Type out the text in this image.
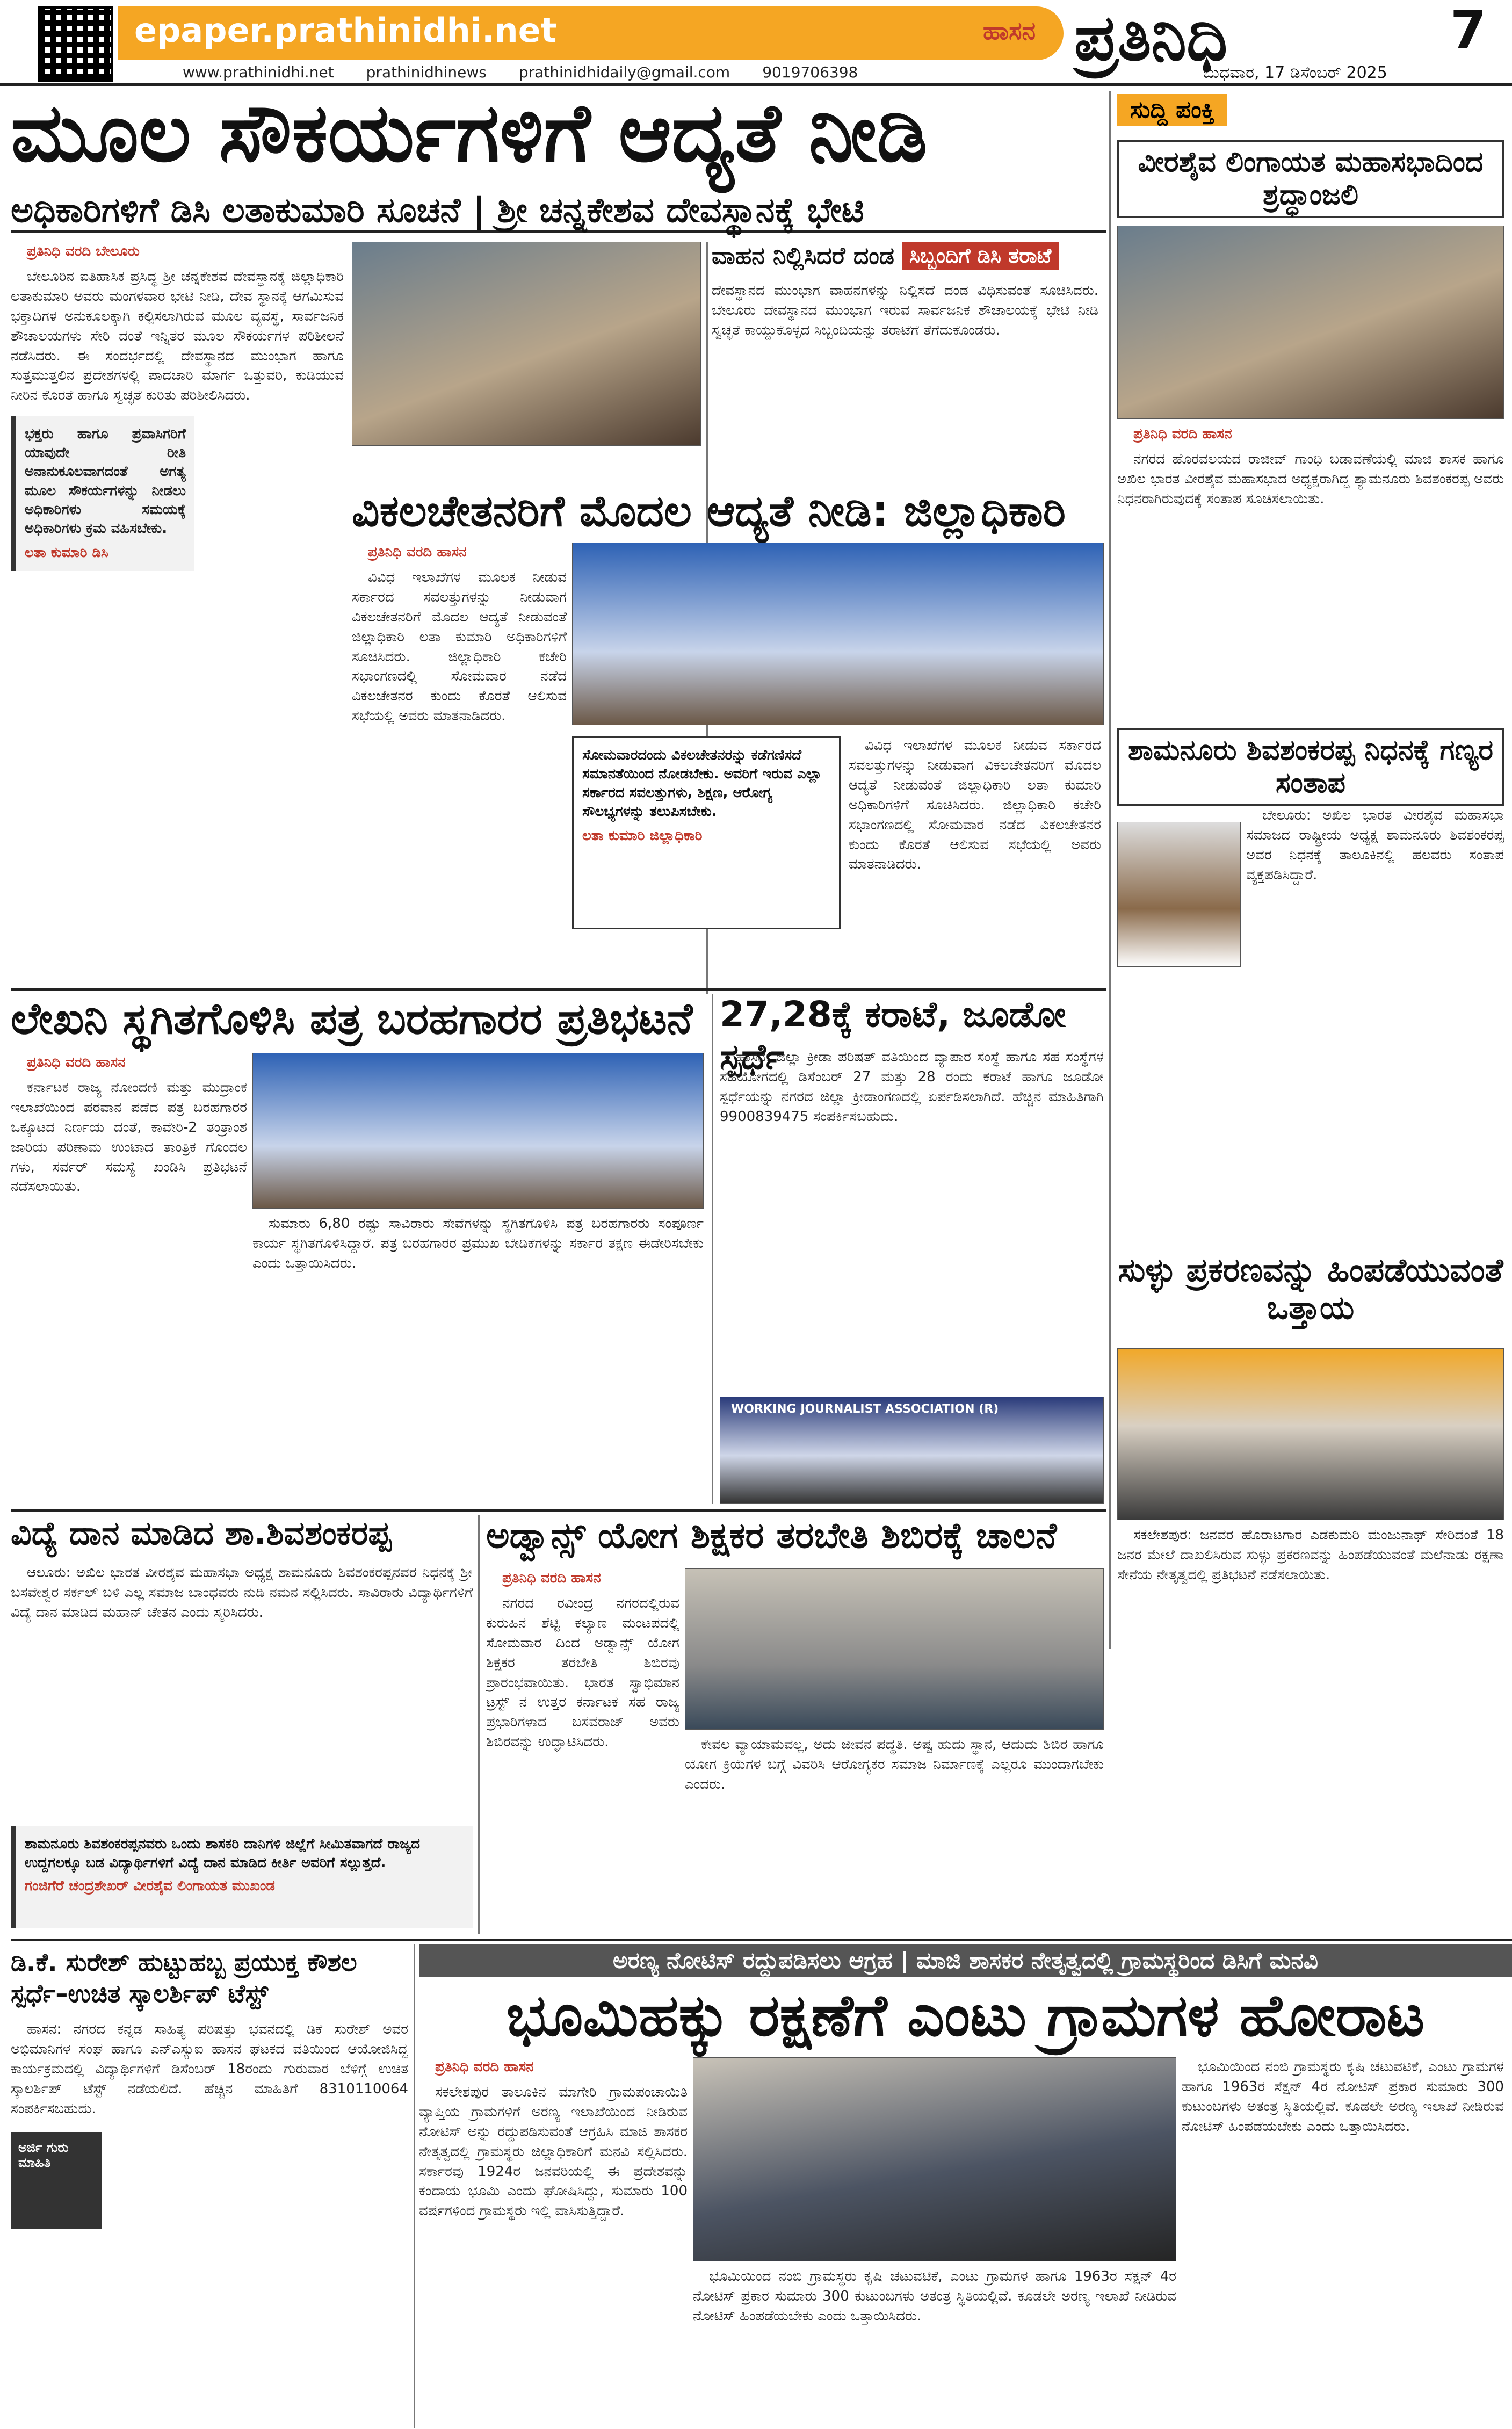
epaper.prathinidhi.net	ಹಾಸನ
www.prathinidhi.net prathinidhinews prathinidhidaily@gmail.com 9019706398	ಪ್ರತಿನಿಧಿ	7
ಬುಧವಾರ, 17 ಡಿಸೆಂಬರ್ 2025
ಮೂಲ ಸೌಕರ್ಯಗಳಿಗೆ ಆದ್ಯತೆ ನೀಡಿ
ಅಧಿಕಾರಿಗಳಿಗೆ ಡಿಸಿ ಲತಾಕುಮಾರಿ ಸೂಚನೆ | ಶ್ರೀ ಚನ್ನಕೇಶವ ದೇವಸ್ಥಾನಕ್ಕೆ ಭೇಟಿ

ಪ್ರತಿನಿಧಿ ವರದಿ ಬೇಲೂರು

ಬೇಲೂರಿನ ಐತಿಹಾಸಿಕ ಪ್ರಸಿದ್ಧ ಶ್ರೀ ಚನ್ನಕೇಶವ ದೇವಸ್ಥಾನಕ್ಕೆ ಜಿಲ್ಲಾಧಿಕಾರಿ ಲತಾಕುಮಾರಿ ಅವರು ಮಂಗಳವಾರ ಭೇಟಿ ನೀಡಿ, ದೇವ ಸ್ಥಾನಕ್ಕೆ ಆಗಮಿಸುವ ಭಕ್ತಾದಿಗಳ ಅನುಕೂಲಕ್ಕಾಗಿ ಕಲ್ಪಿಸಲಾಗಿರುವ ಮೂಲ ವ್ಯವಸ್ಥೆ, ಸಾರ್ವಜನಿಕ ಶೌಚಾಲಯಗಳು ಸೇರಿ ದಂತೆ ಇನ್ನಿತರ ಮೂಲ ಸೌಕರ್ಯಗಳ ಪರಿಶೀಲನೆ ನಡೆಸಿದರು. ಈ ಸಂದರ್ಭದಲ್ಲಿ ದೇವಸ್ಥಾನದ ಮುಂಭಾಗ ಹಾಗೂ ಸುತ್ತಮುತ್ತಲಿನ ಪ್ರದೇಶಗಳಲ್ಲಿ ಪಾದಚಾರಿ ಮಾರ್ಗ ಒತ್ತುವರಿ, ಕುಡಿಯುವ ನೀರಿನ ಕೊರತೆ ಹಾಗೂ ಸ್ವಚ್ಛತೆ ಕುರಿತು ಪರಿಶೀಲಿಸಿದರು.

ಭಕ್ತರು ಹಾಗೂ ಪ್ರವಾಸಿಗರಿಗೆ ಯಾವುದೇ ರೀತಿ ಅನಾನುಕೂಲವಾಗದಂತೆ ಅಗತ್ಯ ಮೂಲ ಸೌಕರ್ಯಗಳನ್ನು ನೀಡಲು ಅಧಿಕಾರಿಗಳು ಸಮಯಕ್ಕೆ ಅಧಿಕಾರಿಗಳು ಕ್ರಮ ವಹಿಸಬೇಕು.
ಲತಾ ಕುಮಾರಿ ಡಿಸಿ
ವಾಹನ ನಿಲ್ಲಿಸಿದರೆ ದಂಡ ಸಿಬ್ಬಂದಿಗೆ ಡಿಸಿ ತರಾಟೆ
ದೇವಸ್ಥಾನದ ಮುಂಭಾಗ ವಾಹನಗಳನ್ನು ನಿಲ್ಲಿಸದೆ ದಂಡ ವಿಧಿಸುವಂತೆ ಸೂಚಿಸಿದರು. ಬೇಲೂರು ದೇವಸ್ಥಾನದ ಮುಂಭಾಗ ಇರುವ ಸಾರ್ವಜನಿಕ ಶೌಚಾಲಯಕ್ಕೆ ಭೇಟಿ ನೀಡಿ ಸ್ವಚ್ಛತೆ ಕಾಯ್ದುಕೊಳ್ಳದ ಸಿಬ್ಬಂದಿಯನ್ನು ತರಾಟೆಗೆ ತೆಗೆದುಕೊಂಡರು.
ವಿಕಲಚೇತನರಿಗೆ ಮೊದಲ ಆದ್ಯತೆ ನೀಡಿ: ಜಿಲ್ಲಾಧಿಕಾರಿ

ಪ್ರತಿನಿಧಿ ವರದಿ ಹಾಸನ

ವಿವಿಧ ಇಲಾಖೆಗಳ ಮೂಲಕ ನೀಡುವ ಸರ್ಕಾರದ ಸವಲತ್ತುಗಳನ್ನು ನೀಡುವಾಗ ವಿಕಲಚೇತನರಿಗೆ ಮೊದಲ ಆದ್ಯತೆ ನೀಡುವಂತೆ ಜಿಲ್ಲಾಧಿಕಾರಿ ಲತಾ ಕುಮಾರಿ ಅಧಿಕಾರಿಗಳಿಗೆ ಸೂಚಿಸಿದರು. ಜಿಲ್ಲಾಧಿಕಾರಿ ಕಚೇರಿ ಸಭಾಂಗಣದಲ್ಲಿ ಸೋಮವಾರ ನಡೆದ ವಿಕಲಚೇತನರ ಕುಂದು ಕೊರತೆ ಆಲಿಸುವ ಸಭೆಯಲ್ಲಿ ಅವರು ಮಾತನಾಡಿದರು.

ಸೋಮವಾರದಂದು ವಿಕಲಚೇತನರನ್ನು ಕಡೆಗಣಿಸದೆ ಸಮಾನತೆಯಿಂದ ನೋಡಬೇಕು. ಅವರಿಗೆ ಇರುವ ಎಲ್ಲಾ ಸರ್ಕಾರದ ಸವಲತ್ತುಗಳು, ಶಿಕ್ಷಣ, ಆರೋಗ್ಯ ಸೌಲಭ್ಯಗಳನ್ನು ತಲುಪಿಸಬೇಕು.
ಲತಾ ಕುಮಾರಿ ಜಿಲ್ಲಾಧಿಕಾರಿ

ವಿವಿಧ ಇಲಾಖೆಗಳ ಮೂಲಕ ನೀಡುವ ಸರ್ಕಾರದ ಸವಲತ್ತುಗಳನ್ನು ನೀಡುವಾಗ ವಿಕಲಚೇತನರಿಗೆ ಮೊದಲ ಆದ್ಯತೆ ನೀಡುವಂತೆ ಜಿಲ್ಲಾಧಿಕಾರಿ ಲತಾ ಕುಮಾರಿ ಅಧಿಕಾರಿಗಳಿಗೆ ಸೂಚಿಸಿದರು. ಜಿಲ್ಲಾಧಿಕಾರಿ ಕಚೇರಿ ಸಭಾಂಗಣದಲ್ಲಿ ಸೋಮವಾರ ನಡೆದ ವಿಕಲಚೇತನರ ಕುಂದು ಕೊರತೆ ಆಲಿಸುವ ಸಭೆಯಲ್ಲಿ ಅವರು ಮಾತನಾಡಿದರು.

ಸುದ್ದಿ ಪಂಕ್ತಿ
ವೀರಶೈವ ಲಿಂಗಾಯತ ಮಹಾಸಭಾದಿಂದ ಶ್ರದ್ಧಾಂಜಲಿ

ಪ್ರತಿನಿಧಿ ವರದಿ ಹಾಸನ

ನಗರದ ಹೊರವಲಯದ ರಾಜೀವ್ ಗಾಂಧಿ ಬಡಾವಣೆಯಲ್ಲಿ ಮಾಜಿ ಶಾಸಕ ಹಾಗೂ ಅಖಿಲ ಭಾರತ ವೀರಶೈವ ಮಹಾಸಭಾದ ಅಧ್ಯಕ್ಷರಾಗಿದ್ದ ಶ್ಯಾಮನೂರು ಶಿವಶಂಕರಪ್ಪ ಅವರು ನಿಧನರಾಗಿರುವುದಕ್ಕೆ ಸಂತಾಪ ಸೂಚಿಸಲಾಯಿತು.

ಶಾಮನೂರು ಶಿವಶಂಕರಪ್ಪ ನಿಧನಕ್ಕೆ ಗಣ್ಯರ ಸಂತಾಪ

ಬೇಲೂರು: ಅಖಿಲ ಭಾರತ ವೀರಶೈವ ಮಹಾಸಭಾ ಸಮಾಜದ ರಾಷ್ಟ್ರೀಯ ಅಧ್ಯಕ್ಷ ಶಾಮನೂರು ಶಿವಶಂಕರಪ್ಪ ಅವರ ನಿಧನಕ್ಕೆ ತಾಲೂಕಿನಲ್ಲಿ ಹಲವರು ಸಂತಾಪ ವ್ಯಕ್ತಪಡಿಸಿದ್ದಾರೆ.

ಸುಳ್ಳು ಪ್ರಕರಣವನ್ನು ಹಿಂಪಡೆಯುವಂತೆ ಒತ್ತಾಯ

ಸಕಲೇಶಪುರ: ಜನವರ ಹೊರಾಟಗಾರ ಎಡಕುಮರಿ ಮಂಜುನಾಥ್ ಸೇರಿದಂತೆ 18 ಜನರ ಮೇಲೆ ದಾಖಲಿಸಿರುವ ಸುಳ್ಳು ಪ್ರಕರಣವನ್ನು ಹಿಂಪಡೆಯುವಂತೆ ಮಲೆನಾಡು ರಕ್ಷಣಾ ಸೇನೆಯ ನೇತೃತ್ವದಲ್ಲಿ ಪ್ರತಿಭಟನೆ ನಡೆಸಲಾಯಿತು.

ಲೇಖನಿ ಸ್ಥಗಿತಗೊಳಿಸಿ ಪತ್ರ ಬರಹಗಾರರ ಪ್ರತಿಭಟನೆ

ಪ್ರತಿನಿಧಿ ವರದಿ ಹಾಸನ

ಕರ್ನಾಟಕ ರಾಜ್ಯ ನೋಂದಣಿ ಮತ್ತು ಮುದ್ರಾಂಕ ಇಲಾಖೆಯಿಂದ ಪರವಾನ ಪಡೆದ ಪತ್ರ ಬರಹಗಾರರ ಒಕ್ಕೂಟದ ನಿರ್ಣಯ ದಂತೆ, ಕಾವೇರಿ-2 ತಂತ್ರಾಂಶ ಜಾರಿಯ ಪರಿಣಾಮ ಉಂಟಾದ ತಾಂತ್ರಿಕ ಗೊಂದಲ ಗಳು, ಸರ್ವರ್ ಸಮಸ್ಯೆ ಖಂಡಿಸಿ ಪ್ರತಿಭಟನೆ ನಡೆಸಲಾಯಿತು.

ಸುಮಾರು 6,80 ರಷ್ಟು ಸಾವಿರಾರು ಸೇವೆಗಳನ್ನು ಸ್ಥಗಿತಗೊಳಿಸಿ ಪತ್ರ ಬರಹಗಾರರು ಸಂಪೂರ್ಣ ಕಾರ್ಯ ಸ್ಥಗಿತಗೊಳಿಸಿದ್ದಾರೆ. ಪತ್ರ ಬರಹಗಾರರ ಪ್ರಮುಖ ಬೇಡಿಕೆಗಳನ್ನು ಸರ್ಕಾರ ತಕ್ಷಣ ಈಡೇರಿಸಬೇಕು ಎಂದು ಒತ್ತಾಯಿಸಿದರು.

27,28ಕ್ಕೆ ಕರಾಟೆ, ಜೂಡೋ ಸ್ಪರ್ಧೆ

ಹಾಸನ: ಜಿಲ್ಲಾ ಕ್ರೀಡಾ ಪರಿಷತ್ ವತಿಯಿಂದ ವ್ಯಾಪಾರ ಸಂಸ್ಥೆ ಹಾಗೂ ಸಹ ಸಂಸ್ಥೆಗಳ ಸಹಯೋಗದಲ್ಲಿ ಡಿಸೆಂಬರ್ 27 ಮತ್ತು 28 ರಂದು ಕರಾಟೆ ಹಾಗೂ ಜೂಡೋ ಸ್ಪರ್ಧೆಯನ್ನು ನಗರದ ಜಿಲ್ಲಾ ಕ್ರೀಡಾಂಗಣದಲ್ಲಿ ಏರ್ಪಡಿಸಲಾಗಿದೆ. ಹೆಚ್ಚಿನ ಮಾಹಿತಿಗಾಗಿ 9900839475 ಸಂಪರ್ಕಿಸಬಹುದು.

WORKING JOURNALIST ASSOCIATION (R)
ವಿದ್ಯೆ ದಾನ ಮಾಡಿದ ಶಾ.ಶಿವಶಂಕರಪ್ಪ

ಆಲೂರು: ಅಖಿಲ ಭಾರತ ವೀರಶೈವ ಮಹಾಸಭಾ ಅಧ್ಯಕ್ಷ ಶಾಮನೂರು ಶಿವಶಂಕರಪ್ಪನವರ ನಿಧನಕ್ಕೆ ಶ್ರೀ ಬಸವೇಶ್ವರ ಸರ್ಕಲ್ ಬಳಿ ಎಲ್ಲ ಸಮಾಜ ಬಾಂಧವರು ನುಡಿ ನಮನ ಸಲ್ಲಿಸಿದರು. ಸಾವಿರಾರು ವಿದ್ಯಾರ್ಥಿಗಳಿಗೆ ವಿದ್ಯೆ ದಾನ ಮಾಡಿದ ಮಹಾನ್ ಚೇತನ ಎಂದು ಸ್ಮರಿಸಿದರು.

ಶಾಮನೂರು ಶಿವಶಂಕರಪ್ಪನವರು ಒಂದು ಶಾಸಕರಿ ದಾನಿಗಳಿ ಜಿಲ್ಲೆಗೆ ಸೀಮಿತವಾಗದೆ ರಾಜ್ಯದ ಉದ್ದಗಲಕ್ಕೂ ಬಡ ವಿದ್ಯಾರ್ಥಿಗಳಿಗೆ ವಿದ್ಯೆ ದಾನ ಮಾಡಿದ ಕೀರ್ತಿ ಅವರಿಗೆ ಸಲ್ಲುತ್ತದೆ.
ಗಂಜಿಗೆರೆ ಚಂದ್ರಶೇಖರ್ ವೀರಶೈವ ಲಿಂಗಾಯತ ಮುಖಂಡ
ಅಡ್ವಾನ್ಸ್ ಯೋಗ ಶಿಕ್ಷಕರ ತರಬೇತಿ ಶಿಬಿರಕ್ಕೆ ಚಾಲನೆ

ಪ್ರತಿನಿಧಿ ವರದಿ ಹಾಸನ

ನಗರದ ರವೀಂದ್ರ ನಗರದಲ್ಲಿರುವ ಕುರುಹಿನ ಶೆಟ್ಟಿ ಕಲ್ಯಾಣ ಮಂಟಪದಲ್ಲಿ ಸೋಮವಾರ ದಿಂದ ಅಡ್ವಾನ್ಸ್ ಯೋಗ ಶಿಕ್ಷಕರ ತರಬೇತಿ ಶಿಬಿರವು ಪ್ರಾರಂಭವಾಯಿತು. ಭಾರತ ಸ್ವಾಭಿಮಾನ ಟ್ರಸ್ಟ್ ನ ಉತ್ತರ ಕರ್ನಾಟಕ ಸಹ ರಾಜ್ಯ ಪ್ರಭಾರಿಗಳಾದ ಬಸವರಾಜ್ ಅವರು ಶಿಬಿರವನ್ನು ಉದ್ಘಾಟಿಸಿದರು.	ಕೇವಲ ವ್ಯಾಯಾಮವಲ್ಲ, ಅದು ಜೀವನ ಪದ್ಧತಿ. ಅಷ್ಟ ಹುದು ಸ್ಥಾನ, ಆದುದು ಶಿಬಿರ ಹಾಗೂ ಯೋಗ ಕ್ರಿಯೆಗಳ ಬಗ್ಗೆ ವಿವರಿಸಿ ಆರೋಗ್ಯಕರ ಸಮಾಜ ನಿರ್ಮಾಣಕ್ಕೆ ಎಲ್ಲರೂ ಮುಂದಾಗಬೇಕು ಎಂದರು.

ಡಿ.ಕೆ. ಸುರೇಶ್ ಹುಟ್ಟುಹಬ್ಬ ಪ್ರಯುಕ್ತ ಕೌಶಲ ಸ್ಪರ್ಧೆ–ಉಚಿತ ಸ್ಕಾಲರ್ಶಿಪ್ ಟೆಸ್ಟ್

ಹಾಸನ: ನಗರದ ಕನ್ನಡ ಸಾಹಿತ್ಯ ಪರಿಷತ್ತು ಭವನದಲ್ಲಿ ಡಿಕೆ ಸುರೇಶ್ ಅವರ ಅಭಿಮಾನಿಗಳ ಸಂಘ ಹಾಗೂ ಎನ್ಎಸ್ಯುಐ ಹಾಸನ ಘಟಕದ ವತಿಯಿಂದ ಆಯೋಜಿಸಿದ್ದ ಕಾರ್ಯಕ್ರಮದಲ್ಲಿ ವಿದ್ಯಾರ್ಥಿಗಳಿಗೆ ಡಿಸೆಂಬರ್ 18ರಂದು ಗುರುವಾರ ಬೆಳಿಗ್ಗೆ ಉಚಿತ ಸ್ಕಾಲರ್ಶಿಪ್ ಟೆಸ್ಟ್ ನಡೆಯಲಿದೆ. ಹೆಚ್ಚಿನ ಮಾಹಿತಿಗೆ 8310110064 ಸಂಪರ್ಕಿಸಬಹುದು.

ಅರ್ಜಿ ಗುರು ಮಾಹಿತಿ
ಅರಣ್ಯ ನೋಟಿಸ್ ರದ್ದುಪಡಿಸಲು ಆಗ್ರಹ | ಮಾಜಿ ಶಾಸಕರ ನೇತೃತ್ವದಲ್ಲಿ ಗ್ರಾಮಸ್ಥರಿಂದ ಡಿಸಿಗೆ ಮನವಿ
ಭೂಮಿಹಕ್ಕು ರಕ್ಷಣೆಗೆ ಎಂಟು ಗ್ರಾಮಗಳ ಹೋರಾಟ

ಪ್ರತಿನಿಧಿ ವರದಿ ಹಾಸನ

ಸಕಲೇಶಪುರ ತಾಲೂಕಿನ ಮಾಗೇರಿ ಗ್ರಾಮಪಂಚಾಯಿತಿ ವ್ಯಾಪ್ತಿಯ ಗ್ರಾಮಗಳಿಗೆ ಅರಣ್ಯ ಇಲಾಖೆಯಿಂದ ನೀಡಿರುವ ನೋಟಿಸ್ ಅನ್ನು ರದ್ದುಪಡಿಸುವಂತೆ ಆಗ್ರಹಿಸಿ ಮಾಜಿ ಶಾಸಕರ ನೇತೃತ್ವದಲ್ಲಿ ಗ್ರಾಮಸ್ಥರು ಜಿಲ್ಲಾಧಿಕಾರಿಗೆ ಮನವಿ ಸಲ್ಲಿಸಿದರು. ಸರ್ಕಾರವು 1924ರ ಜನವರಿಯಲ್ಲಿ ಈ ಪ್ರದೇಶವನ್ನು ಕಂದಾಯ ಭೂಮಿ ಎಂದು ಘೋಷಿಸಿದ್ದು, ಸುಮಾರು 100 ವರ್ಷಗಳಿಂದ ಗ್ರಾಮಸ್ಥರು ಇಲ್ಲಿ ವಾಸಿಸುತ್ತಿದ್ದಾರೆ.

ಭೂಮಿಯಿಂದ ನಂಬಿ ಗ್ರಾಮಸ್ಥರು ಕೃಷಿ ಚಟುವಟಿಕೆ, ಎಂಟು ಗ್ರಾಮಗಳ ಹಾಗೂ 1963ರ ಸೆಕ್ಷನ್ 4ರ ನೋಟಿಸ್ ಪ್ರಕಾರ ಸುಮಾರು 300 ಕುಟುಂಬಗಳು ಅತಂತ್ರ ಸ್ಥಿತಿಯಲ್ಲಿವೆ. ಕೂಡಲೇ ಅರಣ್ಯ ಇಲಾಖೆ ನೀಡಿರುವ ನೋಟಿಸ್ ಹಿಂಪಡೆಯಬೇಕು ಎಂದು ಒತ್ತಾಯಿಸಿದರು.

ಭೂಮಿಯಿಂದ ನಂಬಿ ಗ್ರಾಮಸ್ಥರು ಕೃಷಿ ಚಟುವಟಿಕೆ, ಎಂಟು ಗ್ರಾಮಗಳ ಹಾಗೂ 1963ರ ಸೆಕ್ಷನ್ 4ರ ನೋಟಿಸ್ ಪ್ರಕಾರ ಸುಮಾರು 300 ಕುಟುಂಬಗಳು ಅತಂತ್ರ ಸ್ಥಿತಿಯಲ್ಲಿವೆ. ಕೂಡಲೇ ಅರಣ್ಯ ಇಲಾಖೆ ನೀಡಿರುವ ನೋಟಿಸ್ ಹಿಂಪಡೆಯಬೇಕು ಎಂದು ಒತ್ತಾಯಿಸಿದರು.
